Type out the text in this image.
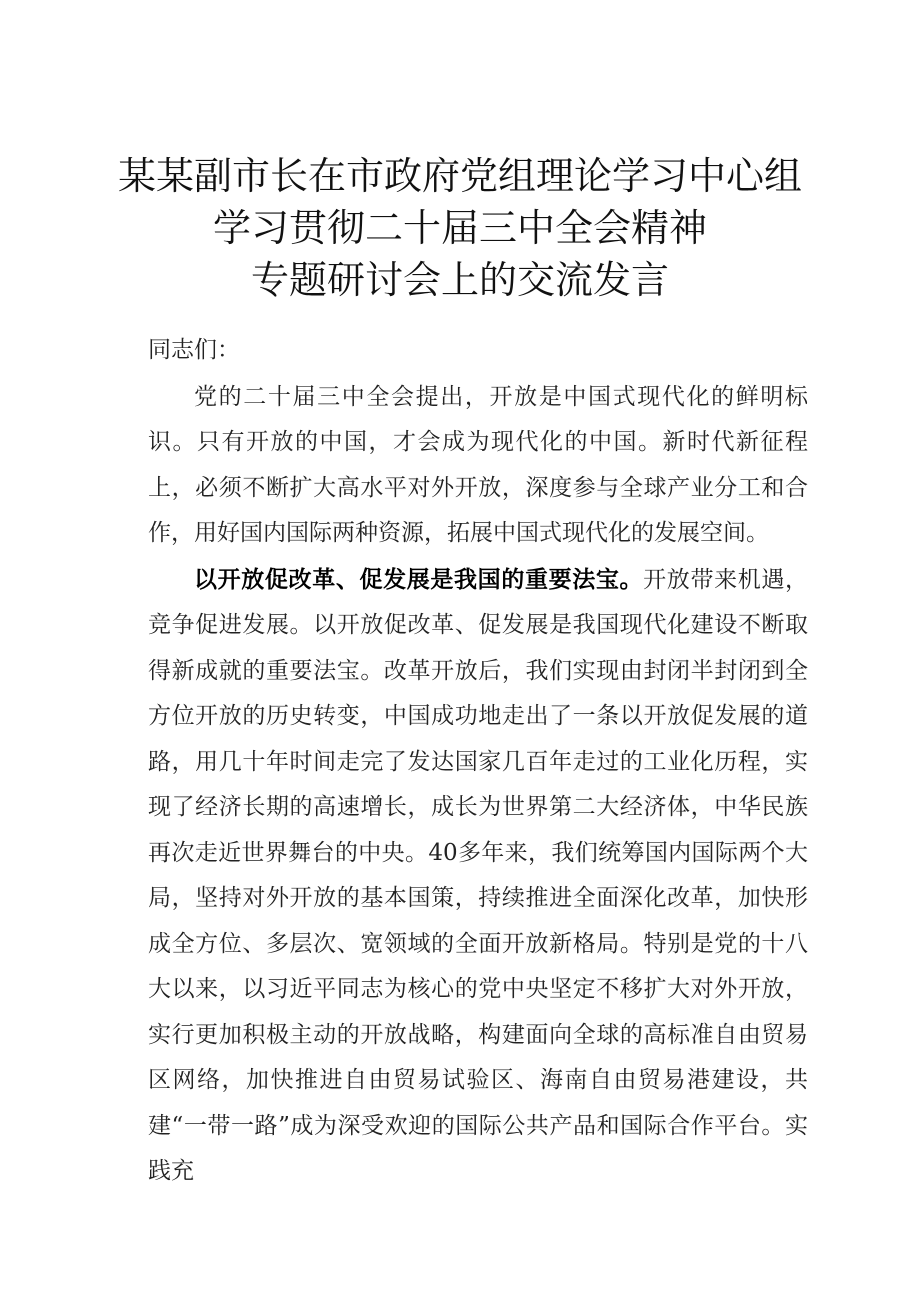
某某副市长在市政府党组理论学习中心组
学习贯彻二十届三中全会精神
专题研讨会上的交流发言

同志们：

党的二十届三中全会提出，开放是中国式现代化的鲜明标识。只有开放的中国，才会成为现代化的中国。新时代新征程上，必须不断扩大高水平对外开放，深度参与全球产业分工和合作，用好国内国际两种资源，拓展中国式现代化的发展空间。

以开放促改革、促发展是我国的重要法宝。开放带来机遇，竞争促进发展。以开放促改革、促发展是我国现代化建设不断取得新成就的重要法宝。改革开放后，我们实现由封闭半封闭到全方位开放的历史转变，中国成功地走出了一条以开放促发展的道路，用几十年时间走完了发达国家几百年走过的工业化历程，实现了经济长期的高速增长，成长为世界第二大经济体，中华民族再次走近世界舞台的中央。40多年来，我们统筹国内国际两个大局，坚持对外开放的基本国策，持续推进全面深化改革，加快形成全方位、多层次、宽领域的全面开放新格局。特别是党的十八大以来，以习近平同志为核心的党中央坚定不移扩大对外开放，实行更加积极主动的开放战略，构建面向全球的高标准自由贸易区网络，加快推进自由贸易试验区、海南自由贸易港建设，共建“一带一路”成为深受欢迎的国际公共产品和国际合作平台。实践充
